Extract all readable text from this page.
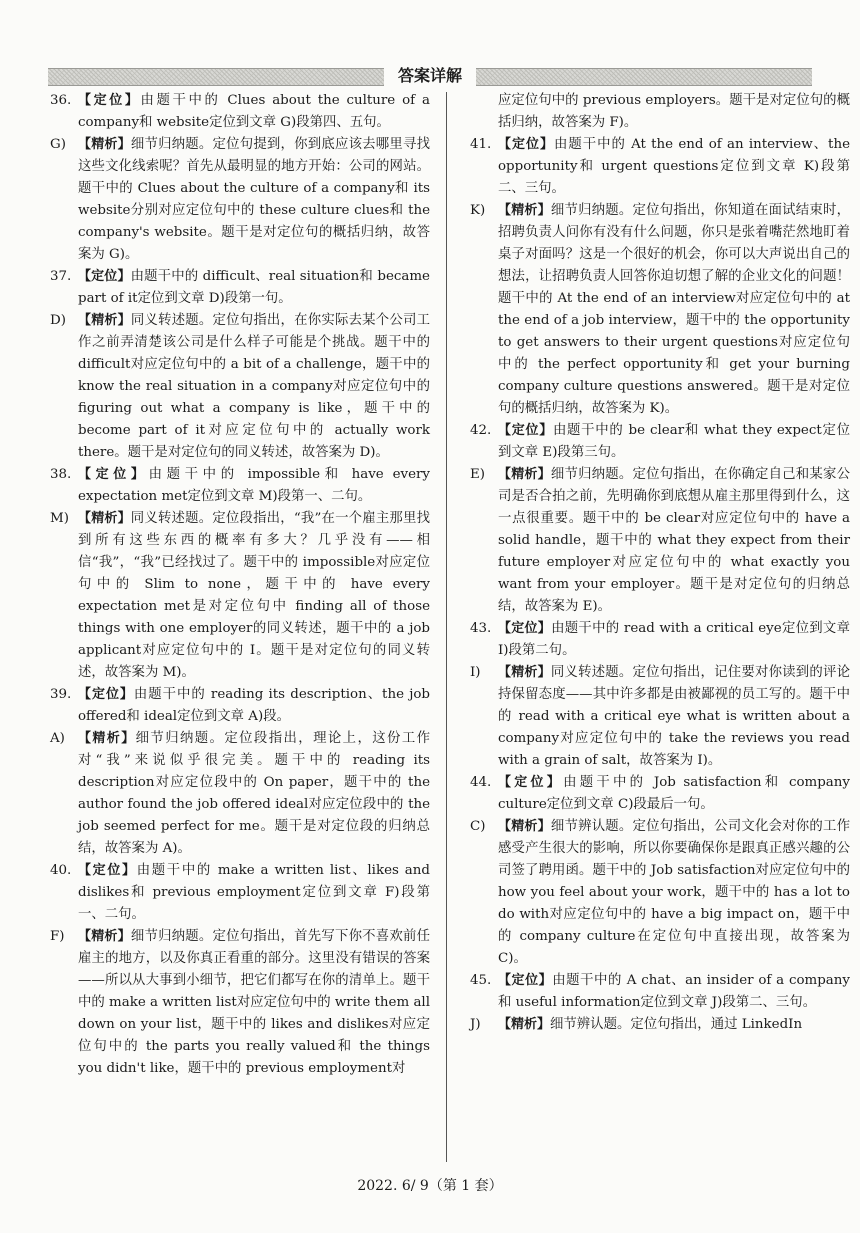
答案详解
36. 【定位】由题干中的 Clues about the culture of a company和 website定位到文章 G)段第四、五句。
G) 【精析】细节归纳题。定位句提到，你到底应该去哪里寻找这些文化线索呢？首先从最明显的地方开始：公司的网站。题干中的 Clues about the culture of a company和 its website分别对应定位句中的 these culture clues和 the company's website。题干是对定位句的概括归纳，故答案为 G)。
37. 【定位】由题干中的 difficult、real situation和 became part of it定位到文章 D)段第一句。
D) 【精析】同义转述题。定位句指出，在你实际去某个公司工作之前弄清楚该公司是什么样子可能是个挑战。题干中的 difficult对应定位句中的 a bit of a challenge，题干中的 know the real situation in a company对应定位句中的 figuring out what a company is like，题干中的 become part of it对应定位句中的 actually work there。题干是对定位句的同义转述，故答案为 D)。
38. 【定位】由题干中的 impossible和 have every expectation met定位到文章 M)段第一、二句。
M) 【精析】同义转述题。定位段指出，“我”在一个雇主那里找到所有这些东西的概率有多大？几乎没有——相信“我”，“我”已经找过了。题干中的 impossible对应定位句中的 Slim to none，题干中的 have every expectation met是对定位句中 finding all of those things with one employer的同义转述，题干中的 a job applicant对应定位句中的 I。题干是对定位句的同义转述，故答案为 M)。
39. 【定位】由题干中的 reading its description、the job offered和 ideal定位到文章 A)段。
A)	【精析】细节归纳题。定位段指出，理论上，这份工作对“我”来说似乎很完美。题干中的 reading its description对应定位段中的 On paper，题干中的 the author found the job offered ideal对应定位段中的 the job seemed perfect for me。题干是对定位段的归纳总结，故答案为 A)。
40. 【定位】由题干中的 make a written list、likes and dislikes和 previous employment定位到文章 F)段第一、二句。
F)	【精析】细节归纳题。定位句指出，首先写下你不喜欢前任雇主的地方，以及你真正看重的部分。这里没有错误的答案——所以从大事到小细节，把它们都写在你的清单上。题干中的 make a written list对应定位句中的 write them all down on your list，题干中的 likes and dislikes对应定位句中的 the parts you really valued和 the things you didn't like，题干中的 previous employment对
应定位句中的 previous employers。题干是对定位句的概括归纳，故答案为 F)。
41. 【定位】由题干中的 At the end of an interview、the opportunity和 urgent questions定位到文章 K)段第二、三句。
K) 【精析】细节归纳题。定位句指出，你知道在面试结束时，招聘负责人问你有没有什么问题，你只是张着嘴茫然地盯着桌子对面吗？这是一个很好的机会，你可以大声说出自己的想法，让招聘负责人回答你迫切想了解的企业文化的问题！题干中的 At the end of an interview对应定位句中的 at the end of a job interview，题干中的 the opportunity to get answers to their urgent questions对应定位句中的 the perfect opportunity和 get your burning company culture questions answered。题干是对定位句的概括归纳，故答案为 K)。
42. 【定位】由题干中的 be clear和 what they expect定位到文章 E)段第三句。
E)	【精析】细节归纳题。定位句指出，在你确定自己和某家公司是否合拍之前，先明确你到底想从雇主那里得到什么，这一点很重要。题干中的 be clear对应定位句中的 have a solid handle，题干中的 what they expect from their future employer对应定位句中的 what exactly you want from your employer。题干是对定位句的归纳总结，故答案为 E)。
43. 【定位】由题干中的 read with a critical eye定位到文章 I)段第二句。
I)	【精析】同义转述题。定位句指出，记住要对你读到的评论持保留态度——其中许多都是由被鄙视的员工写的。题干中的 read with a critical eye what is written about a company对应定位句中的 take the reviews you read with a grain of salt，故答案为 I)。
44. 【定位】由题干中的 Job satisfaction和 company culture定位到文章 C)段最后一句。
C) 【精析】细节辨认题。定位句指出，公司文化会对你的工作感受产生很大的影响，所以你要确保你是跟真正感兴趣的公司签了聘用函。题干中的 Job satisfaction对应定位句中的 how you feel about your work，题干中的 has a lot to do with对应定位句中的 have a big impact on，题干中的 company culture在定位句中直接出现，故答案为 C)。
45. 【定位】由题干中的 A chat、an insider of a company和 useful information定位到文章 J)段第二、三句。
J)	【精析】细节辨认题。定位句指出，通过 LinkedIn
2022. 6/ 9（第 1 套）
